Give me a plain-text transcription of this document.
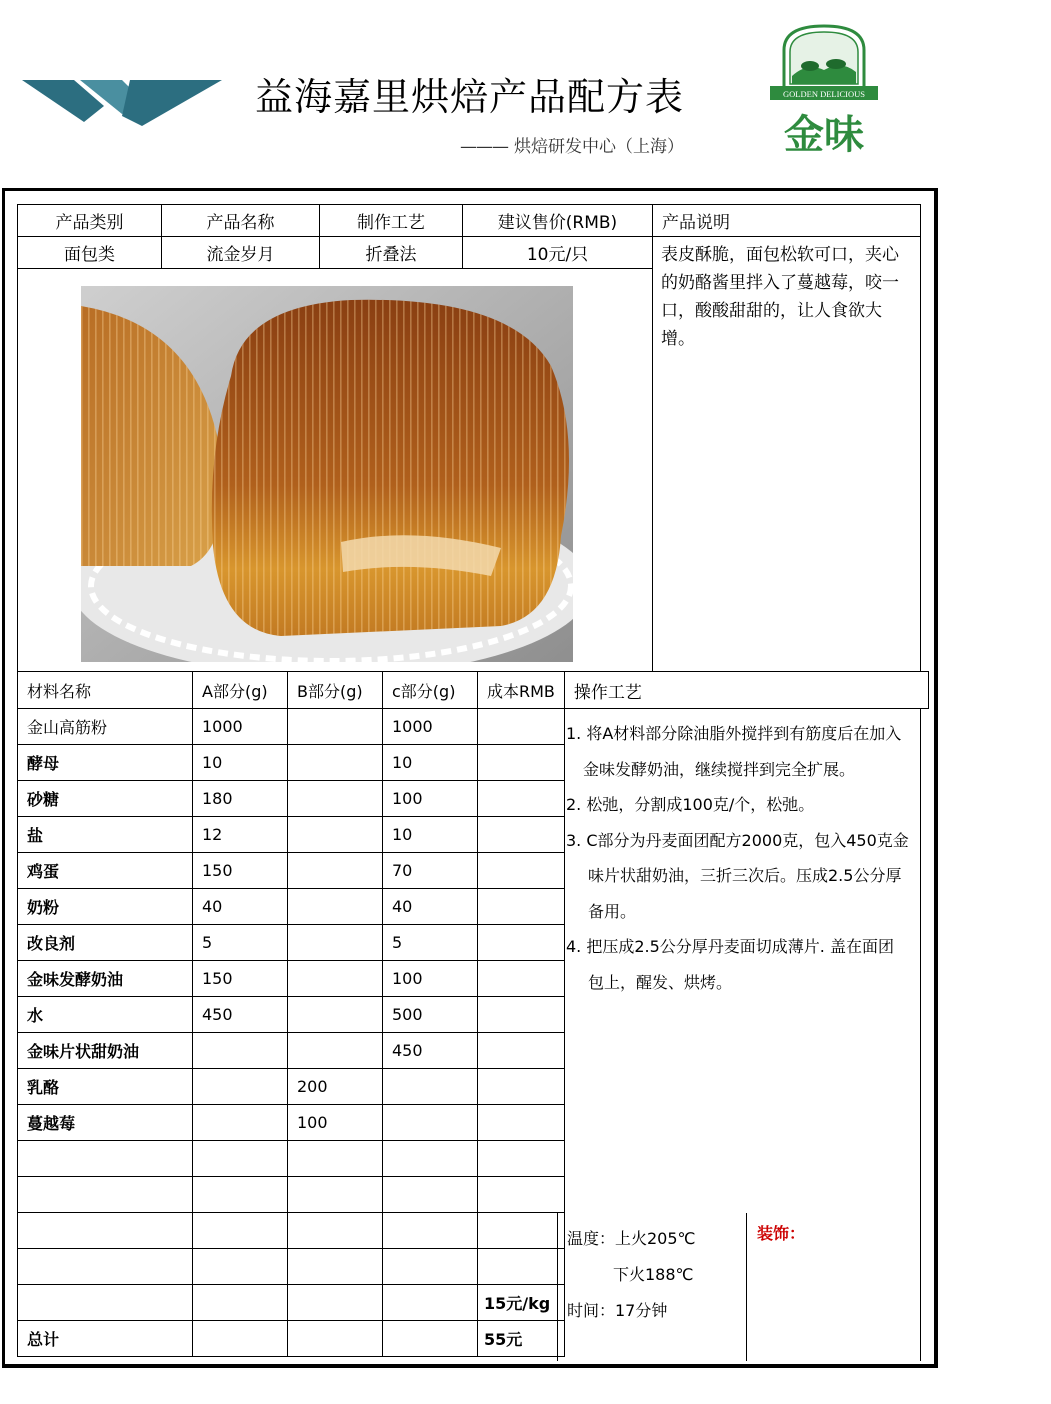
益海嘉里烘焙产品配方表
——— 烘焙研发中心（上海）
GOLDEN DELICIOUS
金味
产品类别	产品名称	制作工艺	建议售价(RMB)	产品说明
面包类	流金岁月	折叠法	10元/只		表皮酥脆，面包松软可口，夹心的奶酪酱里拌入了蔓越莓，咬一口，酸酸甜甜的，让人食欲大增。
材料名称	A部分(g)	B部分(g)	c部分(g)	成本RMB	操作工艺
金山高筋粉	1000		1000		
酵母	10		10		
砂糖	180		100		
盐	12		10		
鸡蛋	150		70		
奶粉	40		40		
改良剂	5		5		
金味发酵奶油	150		100		
水	450		500		
金味片状甜奶油			450		
乳酪		200			
蔓越莓		100			

				15元/kg	
总计				55元	
1. 将A材料部分除油脂外搅拌到有筋度后在加入
金味发酵奶油，继续搅拌到完全扩展。
2. 松弛，分割成100克/个，松弛。
3. C部分为丹麦面团配方2000克，包入450克金
味片状甜奶油，三折三次后。压成2.5公分厚
备用。
4. 把压成2.5公分厚丹麦面切成薄片. 盖在面团
包上，醒发、烘烤。
温度：上火205℃
下火188℃
时间：17分钟
装饰：
